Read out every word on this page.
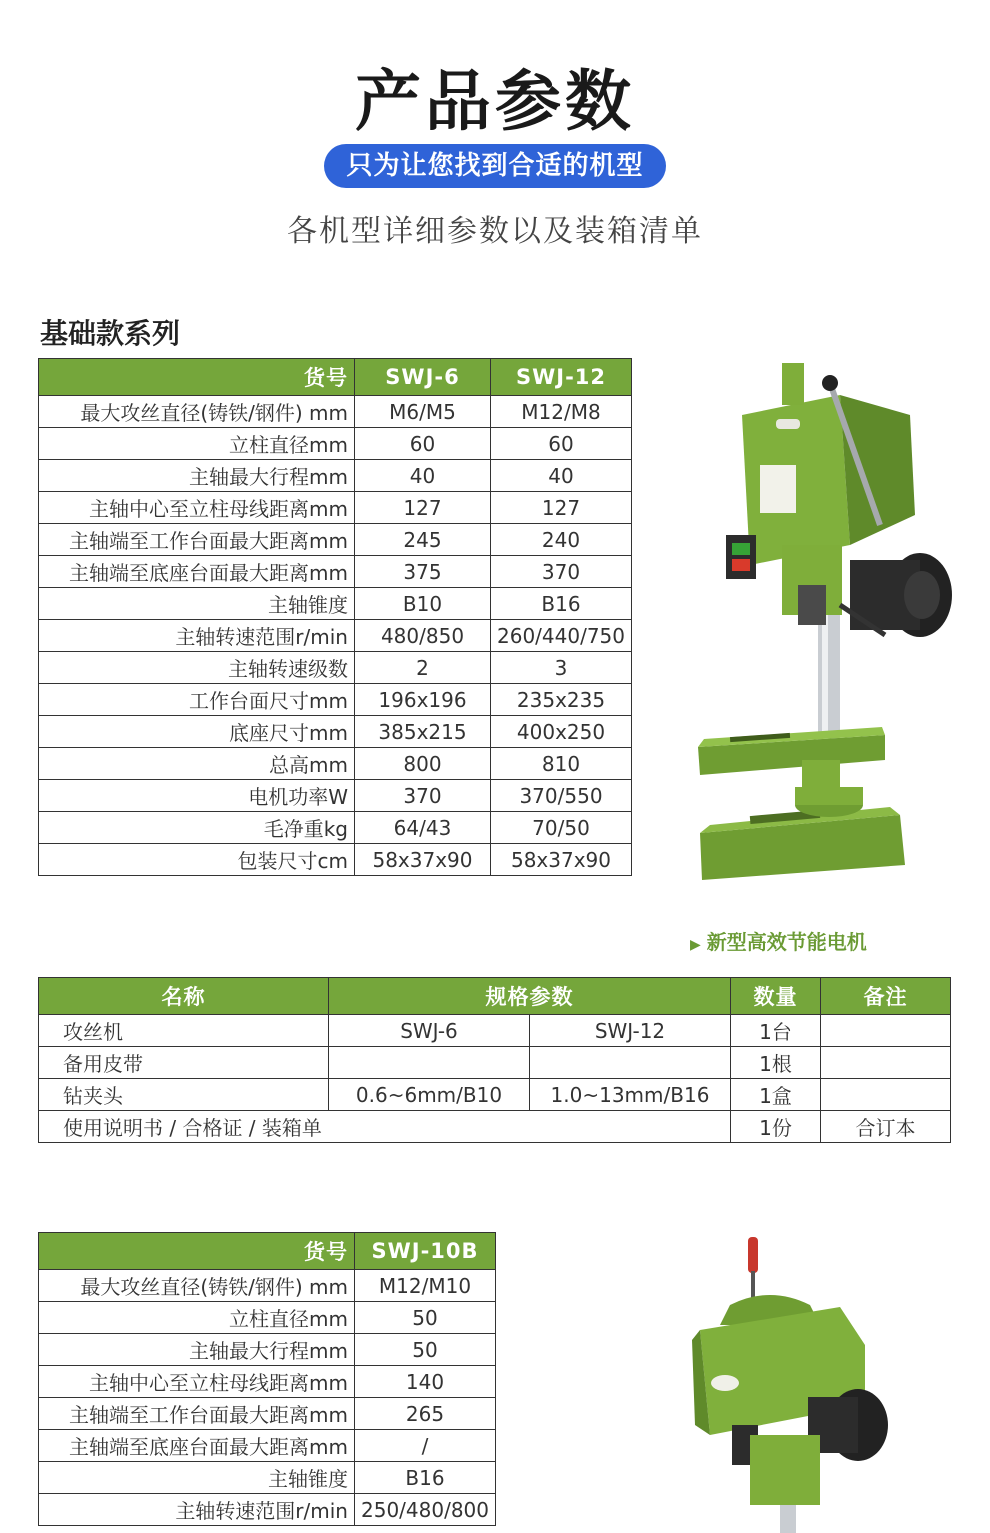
产品参数
只为让您找到合适的机型
各机型详细参数以及装箱清单
基础款系列
货号	SWJ-6	SWJ-12
最大攻丝直径(铸铁/钢件) mm	M6/M5	M12/M8
立柱直径mm	60	60
主轴最大行程mm	40	40
主轴中心至立柱母线距离mm	127	127
主轴端至工作台面最大距离mm	245	240
主轴端至底座台面最大距离mm	375	370
主轴锥度	B10	B16
主轴转速范围r/min	480/850	260/440/750
主轴转速级数	2	3
工作台面尺寸mm	196x196	235x235
底座尺寸mm	385x215	400x250
总高mm	800	810
电机功率W	370	370/550
毛净重kg	64/43	70/50
包装尺寸cm	58x37x90	58x37x90
▶ 新型高效节能电机
名称	规格参数		数量	备注
攻丝机	SWJ-6	SWJ-12	1台	
备用皮带			1根	
钻夹头	0.6~6mm/B10	1.0~13mm/B16	1盒	
使用说明书 / 合格证 / 装箱单			1份	合订本
货号	SWJ-10B
最大攻丝直径(铸铁/钢件) mm	M12/M10
立柱直径mm	50
主轴最大行程mm	50
主轴中心至立柱母线距离mm	140
主轴端至工作台面最大距离mm	265
主轴端至底座台面最大距离mm	/
主轴锥度	B16
主轴转速范围r/min	250/480/800
